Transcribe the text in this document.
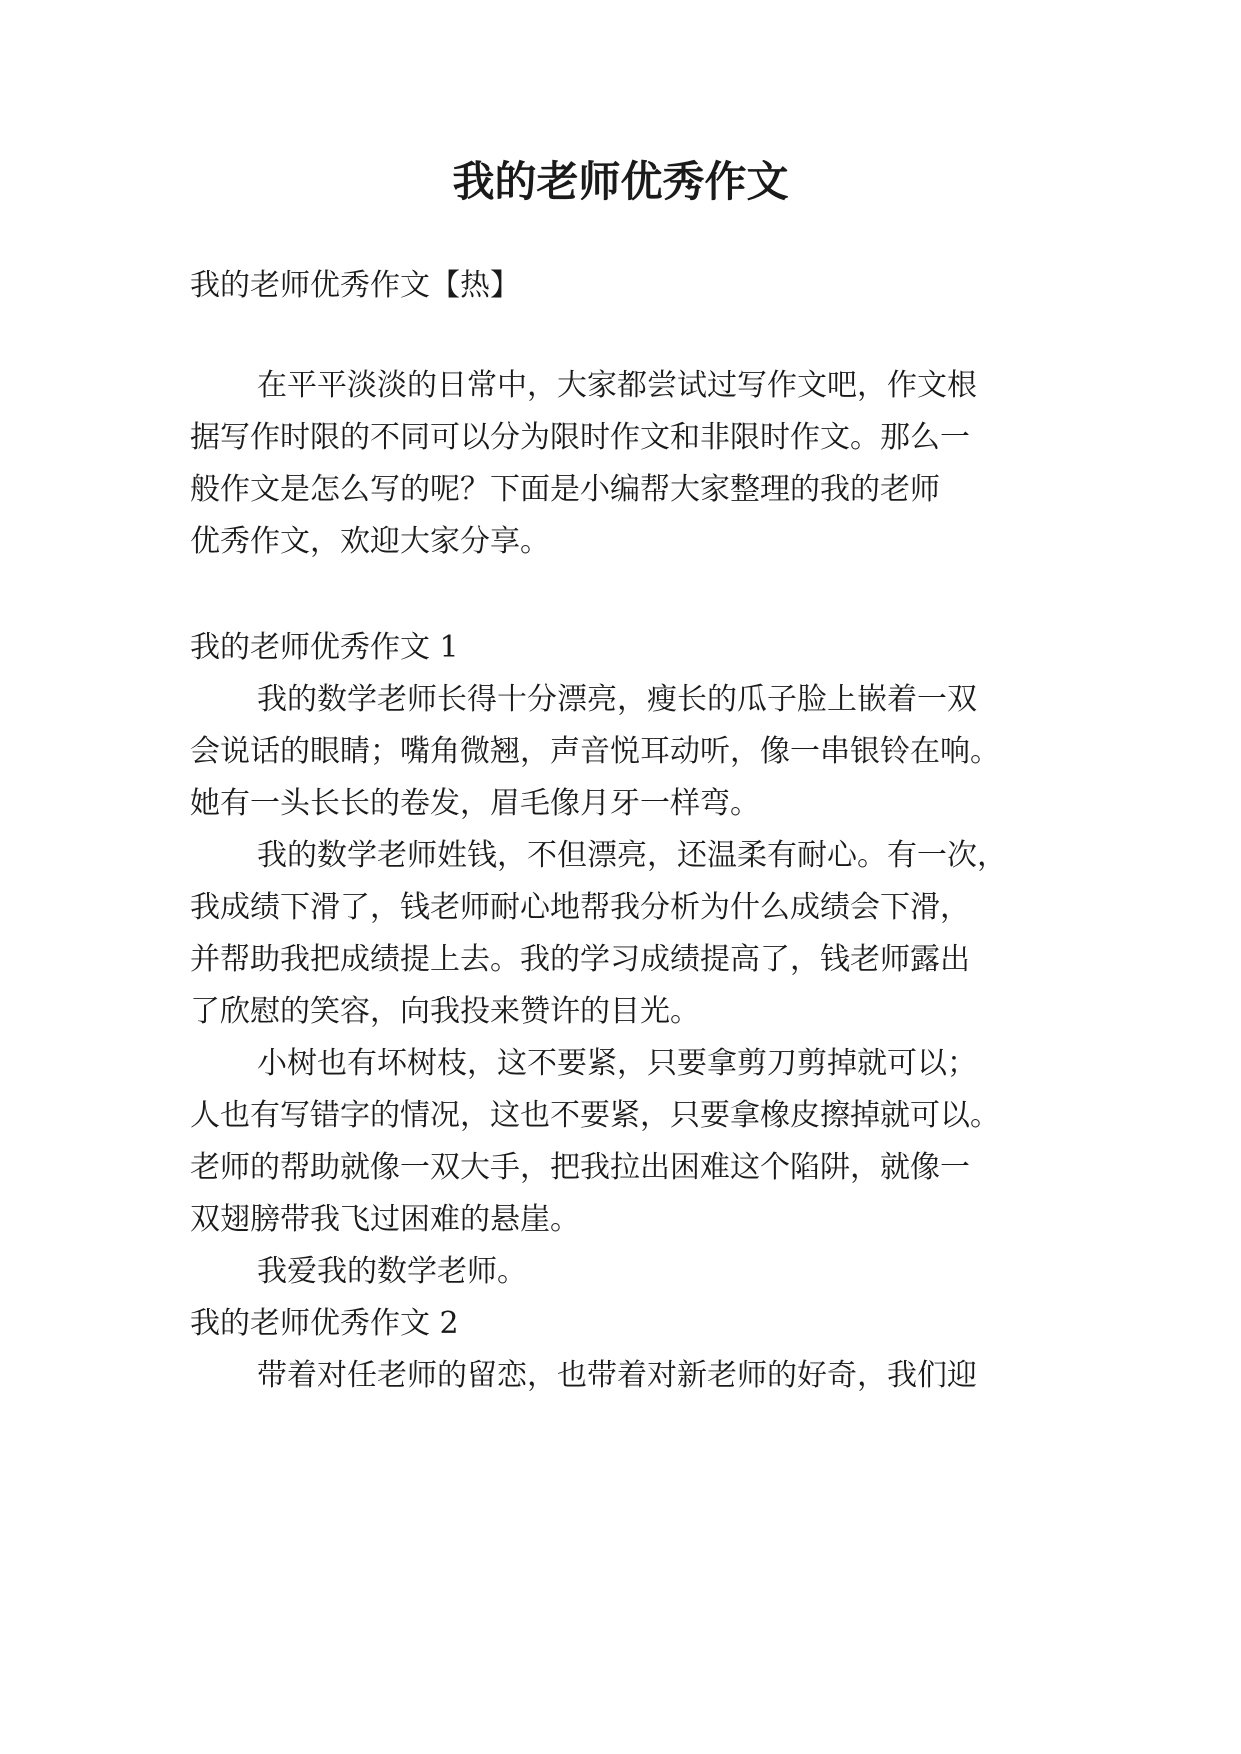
我的老师优秀作文

我的老师优秀作文【热】

在平平淡淡的日常中，大家都尝试过写作文吧，作文根

据写作时限的不同可以分为限时作文和非限时作文。那么一

般作文是怎么写的呢？下面是小编帮大家整理的我的老师

优秀作文，欢迎大家分享。

我的老师优秀作文 1

我的数学老师长得十分漂亮，瘦长的瓜子脸上嵌着一双

会说话的眼睛；嘴角微翘，声音悦耳动听，像一串银铃在响。

她有一头长长的卷发，眉毛像月牙一样弯。

我的数学老师姓钱，不但漂亮，还温柔有耐心。有一次，

我成绩下滑了，钱老师耐心地帮我分析为什么成绩会下滑，

并帮助我把成绩提上去。我的学习成绩提高了，钱老师露出

了欣慰的笑容，向我投来赞许的目光。

小树也有坏树枝，这不要紧，只要拿剪刀剪掉就可以；

人也有写错字的情况，这也不要紧，只要拿橡皮擦掉就可以。

老师的帮助就像一双大手，把我拉出困难这个陷阱，就像一

双翅膀带我飞过困难的悬崖。

我爱我的数学老师。

我的老师优秀作文 2

带着对任老师的留恋，也带着对新老师的好奇，我们迎
